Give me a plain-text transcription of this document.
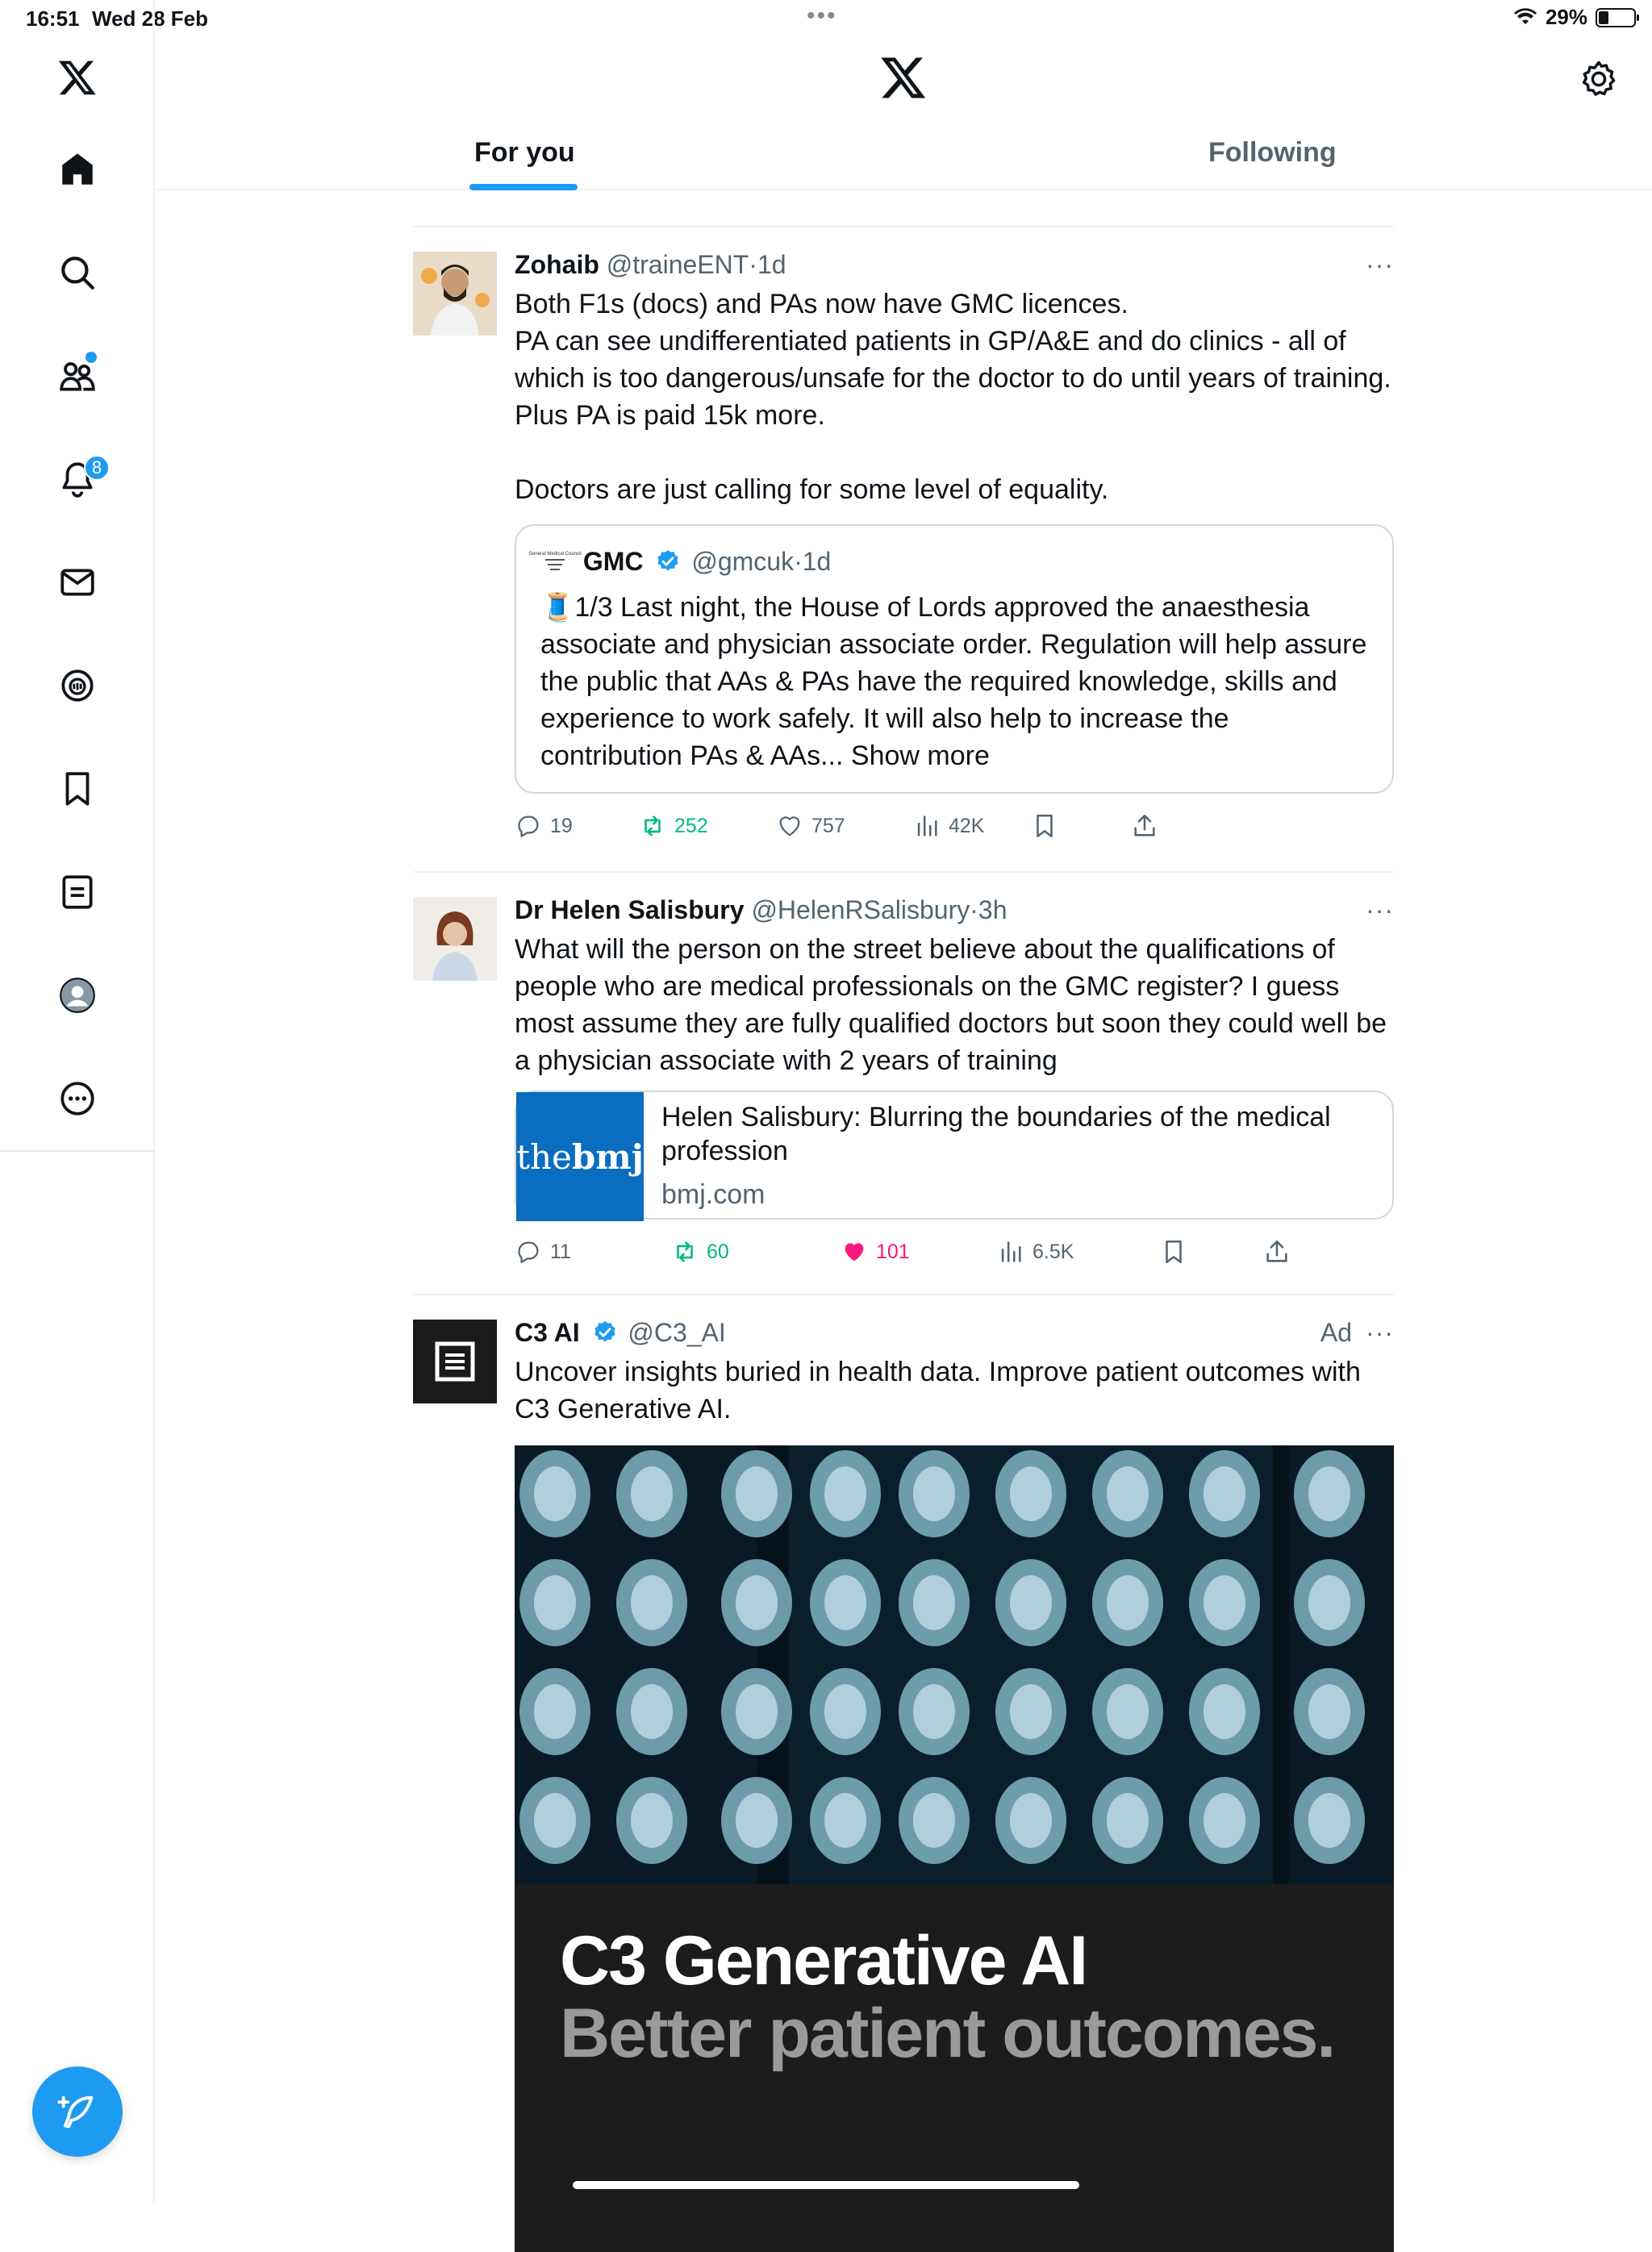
16:51 Wed 28 Feb	•••	29%
8
For you	Following
Zohaib @traineENT·1d	···
Both F1s (docs) and PAs now have GMC licences.
PA can see undifferentiated patients in GP/A&E and do clinics - all of which is too dangerous/unsafe for the doctor to do until years of training. Plus PA is paid 15k more.

Doctors are just calling for some level of equality.
General Medical Council GMC @gmcuk·1d
🧵1/3 Last night, the House of Lords approved the anaesthesia associate and physician associate order. Regulation will help assure the public that AAs & PAs have the required knowledge, skills and experience to work safely. It will also help to increase the contribution PAs & AAs... Show more
19	252	757	42K
Dr Helen Salisbury @HelenRSalisbury·3h	···
What will the person on the street believe about the qualifications of people who are medical professionals on the GMC register? I guess most assume they are fully qualified doctors but soon they could well be a physician associate with 2 years of training
the bmj
Helen Salisbury: Blurring the boundaries of the medical profession
bmj.com
11	60	101	6.5K
C3 AI @C3_AI	Ad ···
Uncover insights buried in health data. Improve patient outcomes with C3 Generative AI.
C3 Generative AI
Better patient outcomes.
